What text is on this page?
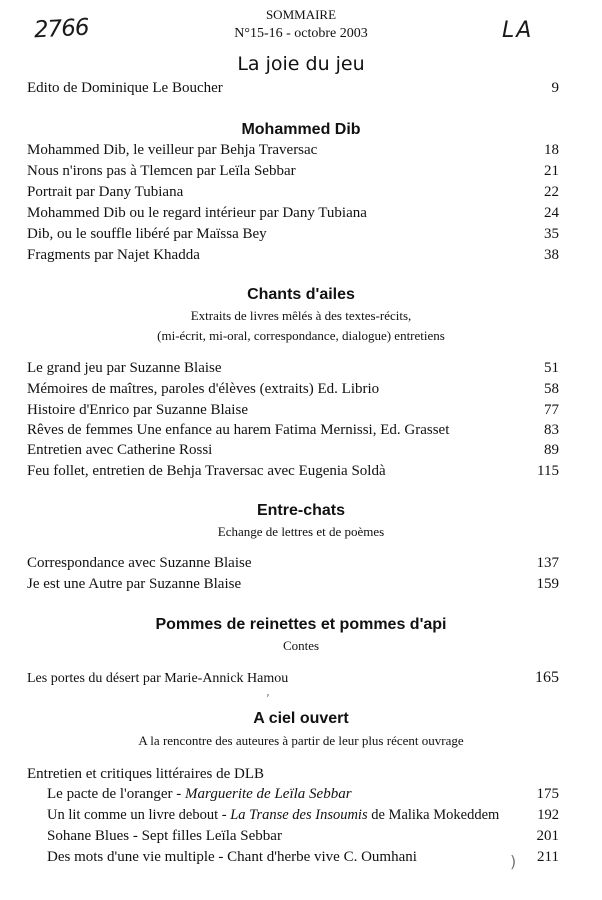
2766	LA
SOMMAIRE
N°15-16 - octobre 2003
La joie du jeu
Edito de Dominique Le Boucher	9
Mohammed Dib
Mohammed Dib, le veilleur par Behja Traversac	18
Nous n'irons pas à Tlemcen par Leïla Sebbar	21
Portrait par Dany Tubiana	22
Mohammed Dib ou le regard intérieur par Dany Tubiana	24
Dib, ou le souffle libéré par Maïssa Bey	35
Fragments par Najet Khadda	38
Chants d'ailes
Extraits de livres mêlés à des textes-récits,
(mi-écrit, mi-oral, correspondance, dialogue) entretiens
Le grand jeu par Suzanne Blaise	51
Mémoires de maîtres, paroles d'élèves (extraits) Ed. Librio	58
Histoire d'Enrico par Suzanne Blaise	77
Rêves de femmes Une enfance au harem Fatima Mernissi, Ed. Grasset	83
Entretien avec Catherine Rossi	89
Feu follet, entretien de Behja Traversac avec Eugenia Soldà	115
Entre-chats
Echange de lettres et de poèmes
Correspondance avec Suzanne Blaise	137
Je est une Autre par Suzanne Blaise	159
Pommes de reinettes et pommes d'api
Contes
Les portes du désert par Marie-Annick Hamou	165
’
A ciel ouvert
A la rencontre des auteures à partir de leur plus récent ouvrage
Entretien et critiques littéraires de DLB
Le pacte de l'oranger - Marguerite de Leïla Sebbar	175
Un lit comme un livre debout - La Transe des Insoumis de Malika Mokeddem	192
Sohane Blues - Sept filles Leïla Sebbar	201
Des mots d'une vie multiple - Chant d'herbe vive C. Oumhani	211
)
